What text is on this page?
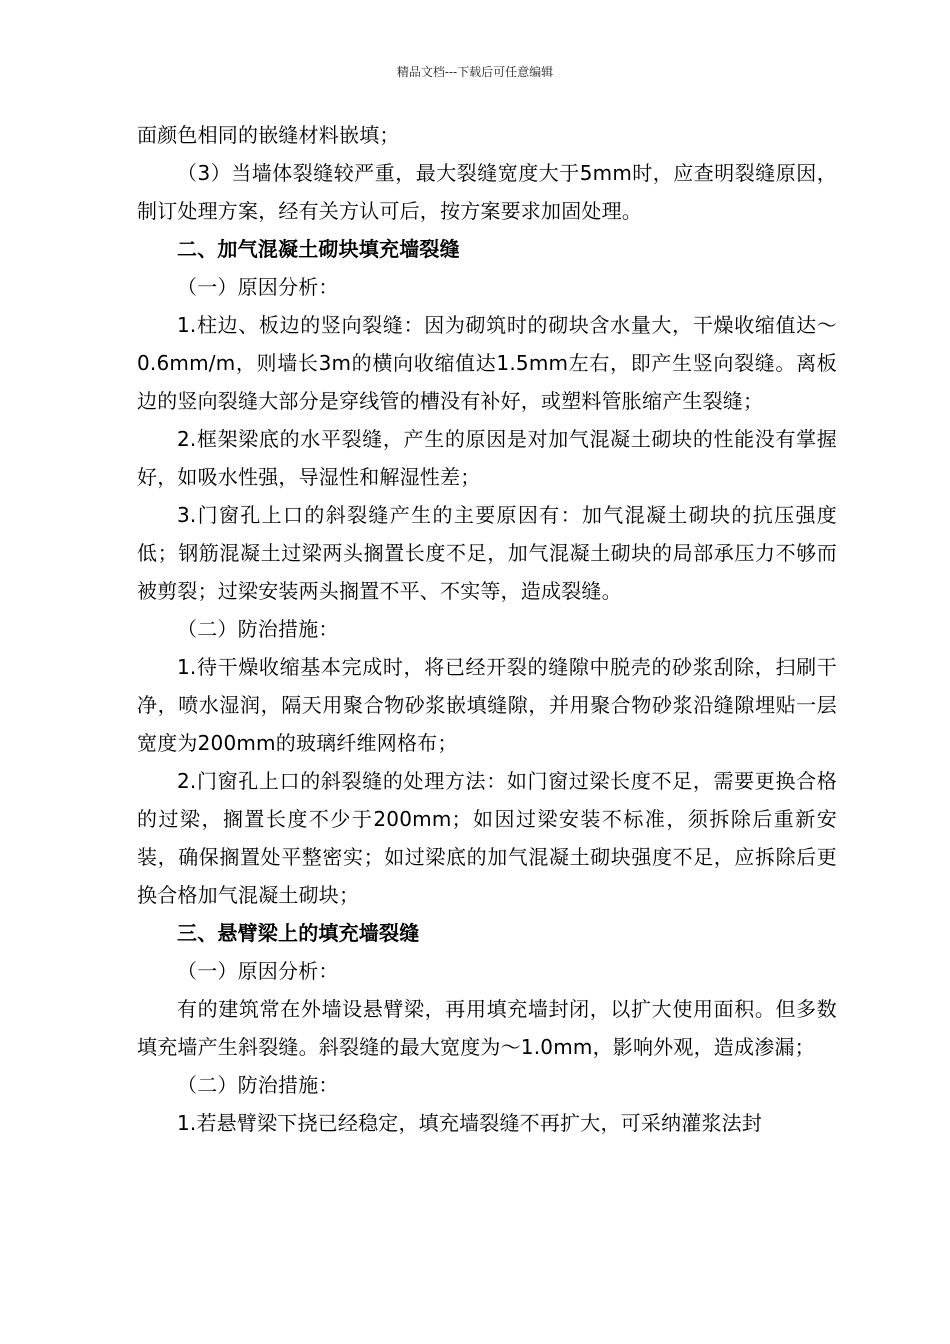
精品文档---下载后可任意编辑

面颜色相同的嵌缝材料嵌填；

（3）当墙体裂缝较严重，最大裂缝宽度大于5mm时，应查明裂缝原因，制订处理方案，经有关方认可后，按方案要求加固处理。

二、加气混凝土砌块填充墙裂缝

（一）原因分析：

1.柱边、板边的竖向裂缝：因为砌筑时的砌块含水量大，干燥收缩值达～0.6mm/m，则墙长3m的横向收缩值达1.5mm左右，即产生竖向裂缝。离板边的竖向裂缝大部分是穿线管的槽没有补好，或塑料管胀缩产生裂缝；

2.框架梁底的水平裂缝，产生的原因是对加气混凝土砌块的性能没有掌握好，如吸水性强，导湿性和解湿性差；

3.门窗孔上口的斜裂缝产生的主要原因有：加气混凝土砌块的抗压强度低；钢筋混凝土过梁两头搁置长度不足，加气混凝土砌块的局部承压力不够而被剪裂；过梁安装两头搁置不平、不实等，造成裂缝。

（二）防治措施：

1.待干燥收缩基本完成时，将已经开裂的缝隙中脱壳的砂浆刮除，扫刷干净，喷水湿润，隔天用聚合物砂浆嵌填缝隙，并用聚合物砂浆沿缝隙埋贴一层宽度为200mm的玻璃纤维网格布；

2.门窗孔上口的斜裂缝的处理方法：如门窗过梁长度不足，需要更换合格的过梁，搁置长度不少于200mm；如因过梁安装不标准，须拆除后重新安装，确保搁置处平整密实；如过梁底的加气混凝土砌块强度不足，应拆除后更换合格加气混凝土砌块；

三、悬臂梁上的填充墙裂缝

（一）原因分析：

有的建筑常在外墙设悬臂梁，再用填充墙封闭，以扩大使用面积。但多数填充墙产生斜裂缝。斜裂缝的最大宽度为～1.0mm，影响外观，造成渗漏；

（二）防治措施：

1.若悬臂梁下挠已经稳定，填充墙裂缝不再扩大，可采纳灌浆法封
